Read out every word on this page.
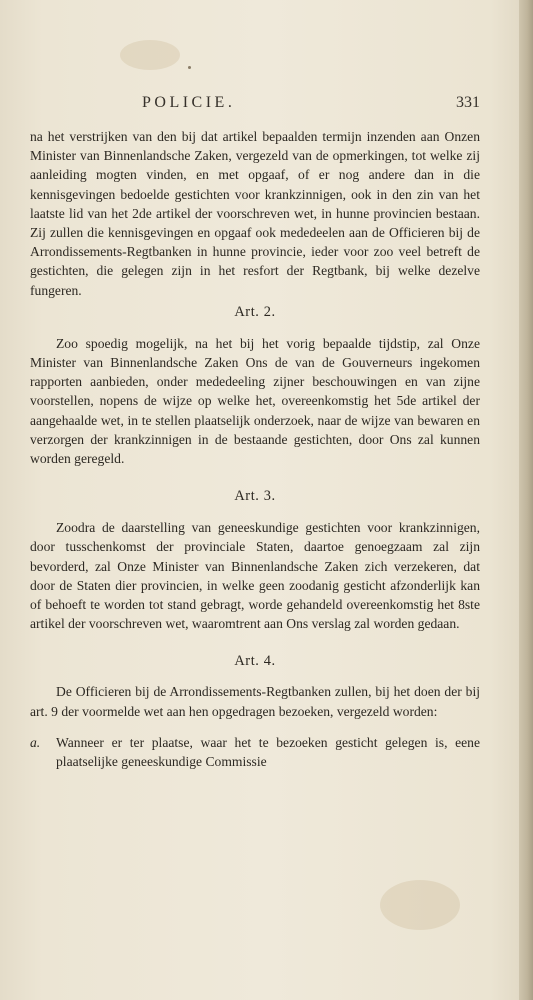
POLICIE.	331

na het verstrijken van den bij dat artikel bepaalden termijn inzenden aan Onzen Minister van Binnenlandsche Zaken, vergezeld van de opmerkingen, tot welke zij aanleiding mogten vinden, en met opgaaf, of er nog andere dan in die kennisgevingen bedoelde gestichten voor krankzinnigen, ook in den zin van het laatste lid van het 2de artikel der voorschreven wet, in hunne provincien bestaan. Zij zullen die kennisgevingen en opgaaf ook mededeelen aan de Officieren bij de Arrondissements-Regtbanken in hunne provincie, ieder voor zoo veel betreft de gestichten, die gelegen zijn in het resfort der Regtbank, bij welke dezelve fungeren.

Art. 2.

Zoo spoedig mogelijk, na het bij het vorig bepaalde tijdstip, zal Onze Minister van Binnenlandsche Zaken Ons de van de Gouverneurs ingekomen rapporten aanbieden, onder mededeeling zijner beschouwingen en van zijne voorstellen, nopens de wijze op welke het, overeenkomstig het 5de artikel der aangehaalde wet, in te stellen plaatselijk onderzoek, naar de wijze van bewaren en verzorgen der krankzinnigen in de bestaande gestichten, door Ons zal kunnen worden geregeld.

Art. 3.

Zoodra de daarstelling van geneeskundige gestichten voor krankzinnigen, door tusschenkomst der provinciale Staten, daartoe genoegzaam zal zijn bevorderd, zal Onze Minister van Binnenlandsche Zaken zich verzekeren, dat door de Staten dier provincien, in welke geen zoodanig gesticht afzonderlijk kan of behoeft te worden tot stand gebragt, worde gehandeld overeenkomstig het 8ste artikel der voorschreven wet, waaromtrent aan Ons verslag zal worden gedaan.

Art. 4.

De Officieren bij de Arrondissements-Regtbanken zullen, bij het doen der bij art. 9 der voormelde wet aan hen opgedragen bezoeken, vergezeld worden:

a. Wanneer er ter plaatse, waar het te bezoeken gesticht gelegen is, eene plaatselijke geneeskundige Commissie
